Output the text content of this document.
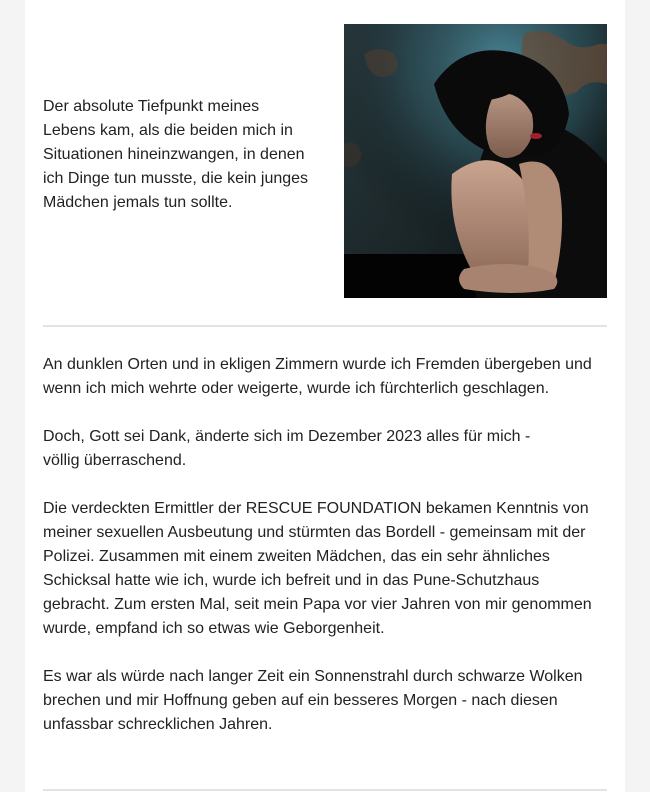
Der absolute Tiefpunkt meines Lebens kam, als die beiden mich in Situationen hineinzwangen, in denen ich Dinge tun musste, die kein junges Mädchen jemals tun sollte.

An dunklen Orten und in ekligen Zimmern wurde ich Fremden übergeben und wenn ich mich wehrte oder weigerte, wurde ich fürchterlich geschlagen.

Doch, Gott sei Dank, änderte sich im Dezember 2023 alles für mich - völlig überraschend.

Die verdeckten Ermittler der RESCUE FOUNDATION bekamen Kenntnis von meiner sexuellen Ausbeutung und stürmten das Bordell - gemeinsam mit der Polizei. Zusammen mit einem zweiten Mädchen, das ein sehr ähnliches Schicksal hatte wie ich, wurde ich befreit und in das Pune-Schutzhaus gebracht. Zum ersten Mal, seit mein Papa vor vier Jahren von mir genommen wurde, empfand ich so etwas wie Geborgenheit.

Es war als würde nach langer Zeit ein Sonnenstrahl durch schwarze Wolken brechen und mir Hoffnung geben auf ein besseres Morgen - nach diesen unfassbar schrecklichen Jahren.
